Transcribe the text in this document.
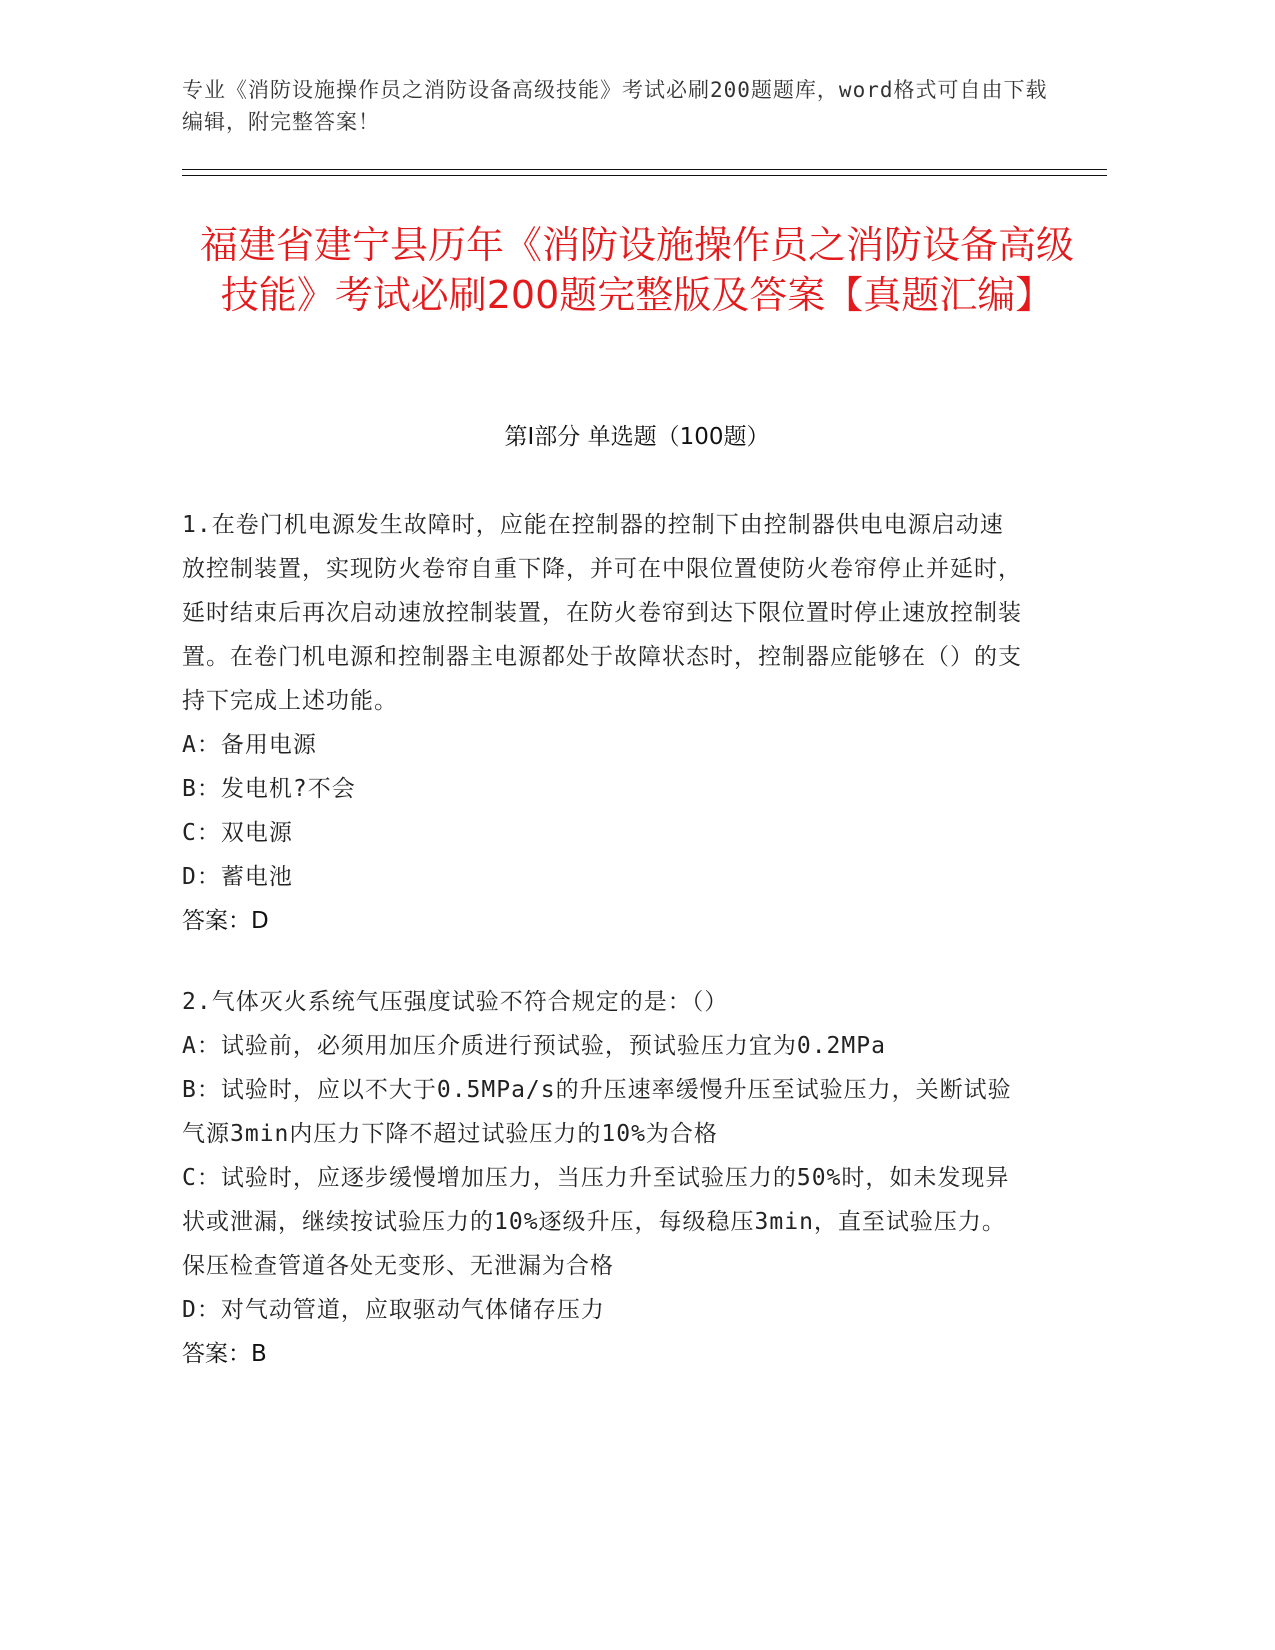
专业《消防设施操作员之消防设备高级技能》考试必刷200题题库，word格式可自由下载编辑，附完整答案！
福建省建宁县历年《消防设施操作员之消防设备高级技能》考试必刷200题完整版及答案【真题汇编】
第Ⅰ部分 单选题（100题）

1.在卷门机电源发生故障时，应能在控制器的控制下由控制器供电电源启动速放控制装置，实现防火卷帘自重下降，并可在中限位置使防火卷帘停止并延时，延时结束后再次启动速放控制装置，在防火卷帘到达下限位置时停止速放控制装置。在卷门机电源和控制器主电源都处于故障状态时，控制器应能够在（）的支持下完成上述功能。

A：备用电源

B：发电机?不会

C：双电源

D：蓄电池

答案：D

2.气体灭火系统气压强度试验不符合规定的是：（）

A：试验前，必须用加压介质进行预试验，预试验压力宜为0.2MPa

B：试验时，应以不大于0.5MPa/s的升压速率缓慢升压至试验压力，关断试验气源3min内压力下降不超过试验压力的10%为合格

C：试验时，应逐步缓慢增加压力，当压力升至试验压力的50%时，如未发现异状或泄漏，继续按试验压力的10%逐级升压，每级稳压3min，直至试验压力。保压检查管道各处无变形、无泄漏为合格

D：对气动管道，应取驱动气体储存压力

答案：B
